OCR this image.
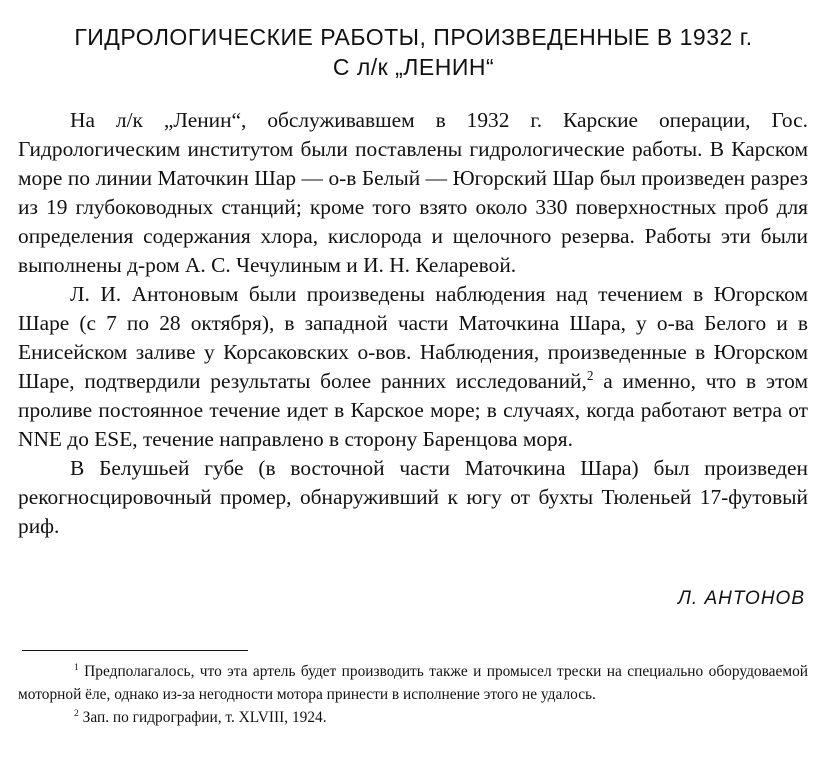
ГИДРОЛОГИЧЕСКИЕ РАБОТЫ, ПРОИЗВЕДЕННЫЕ В 1932 г.
С л/к „ЛЕНИН“

На л/к „Ленин“, обслуживавшем в 1932 г. Карские операции, Гос. Гидрологическим институтом были поставлены гидрологические работы. В Карском море по линии Маточкин Шар — о-в Белый — Югорский Шар был произведен разрез из 19 глубоководных станций; кроме того взято около 330 поверхностных проб для определения содержания хлора, кислорода и щелочного резерва. Работы эти были выполнены д-ром А. С. Чечулиным и И. Н. Келаревой.

Л. И. Антоновым были произведены наблюдения над течением в Югорском Шаре (с 7 по 28 октября), в западной части Маточкина Шара, у о-ва Белого и в Енисейском заливе у Корсаковских о-вов. Наблюдения, произведенные в Югорском Шаре, подтвердили результаты более ранних исследований,$^2$ а именно, что в этом проливе постоянное течение идет в Карское море; в случаях, когда работают ветра от NNE до ESE, течение направлено в сторону Баренцова моря.

В Белушьей губе (в восточной части Маточкина Шара) был произведен рекогносцировочный промер, обнаруживший к югу от бухты Тюленьей 17-футовый риф.

Л. АНТОНОВ

$^1$ Предполагалось, что эта артель будет производить также и промысел трески на специально оборудоваемой моторной ёле, однако из-за негодности мотора принести в исполнение этого не удалось.

$^2$ Зап. по гидрографии, т. XLVIII, 1924.
